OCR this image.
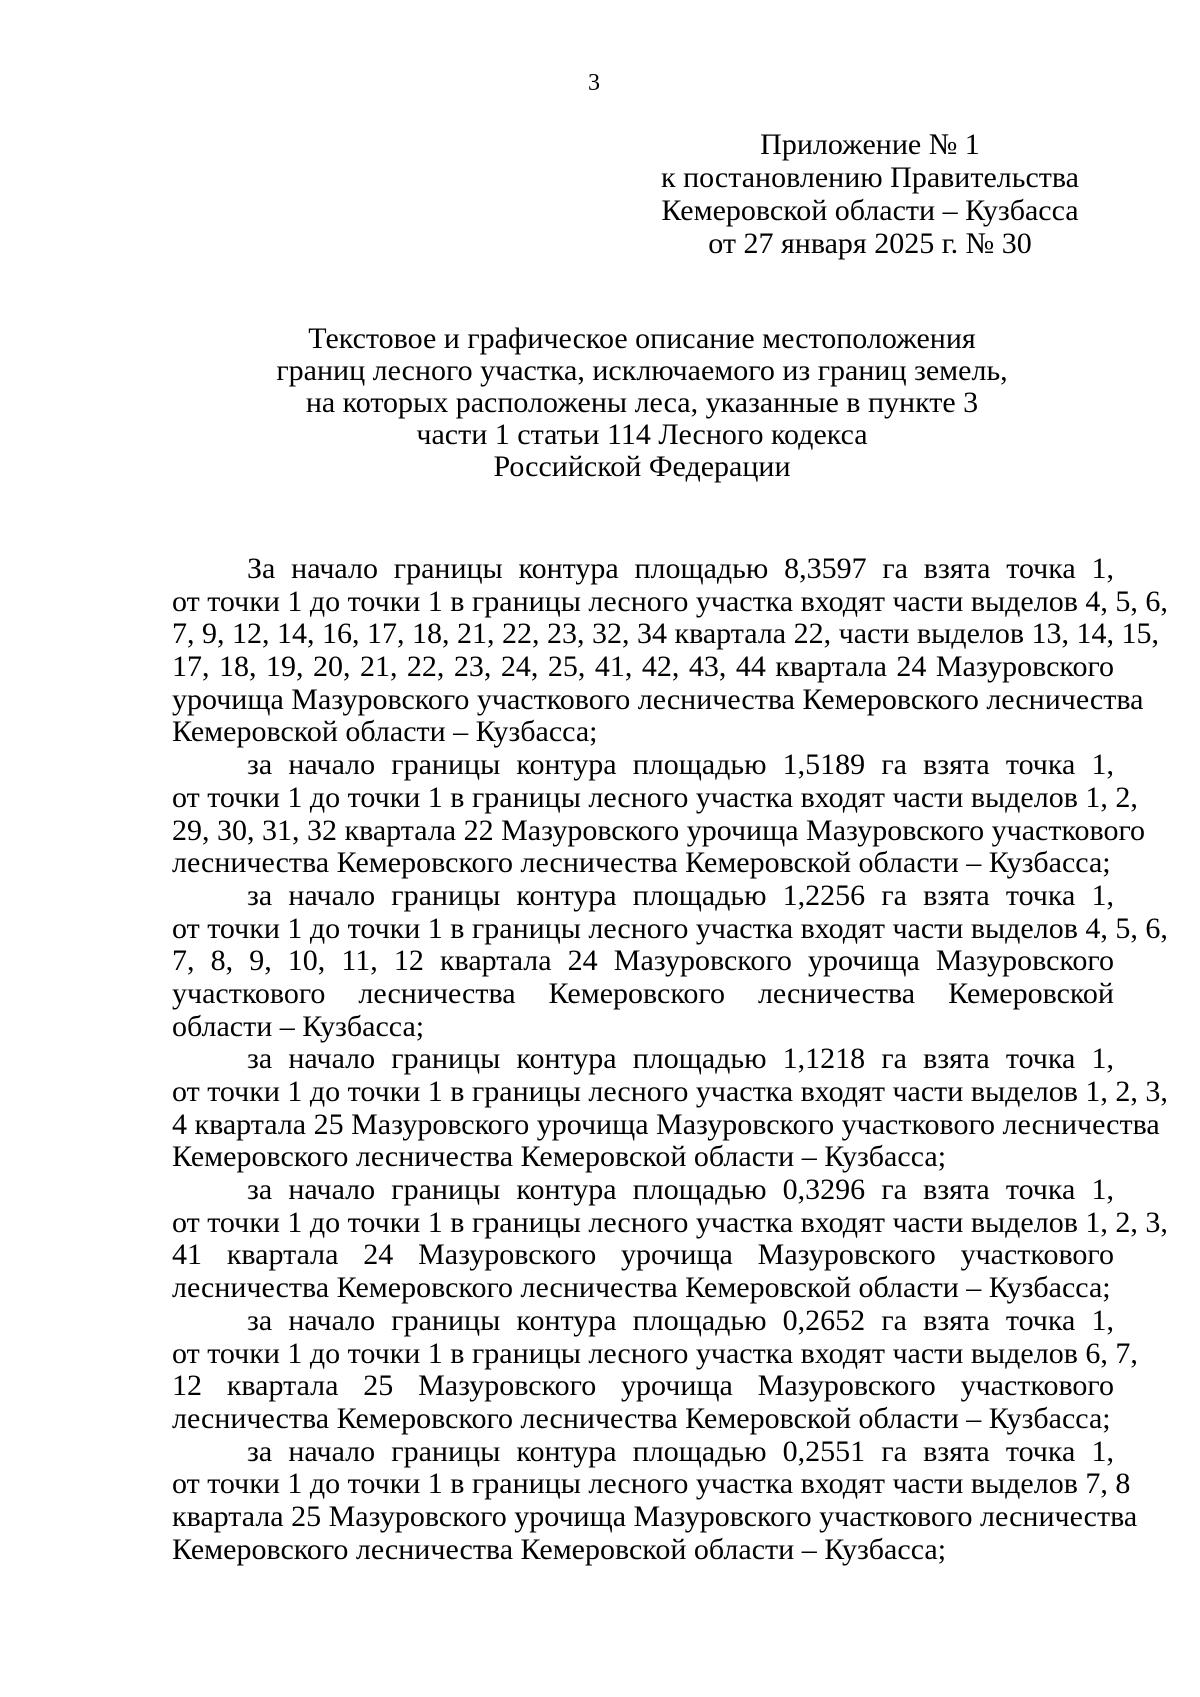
3
Приложение № 1
к постановлению Правительства
Кемеровской области – Кузбасса
от 27 января 2025 г. № 30
Текстовое и графическое описание местоположения
границ лесного участка, исключаемого из границ земель,
на которых расположены леса, указанные в пункте 3
части 1 статьи 114 Лесного кодекса
Российской Федерации
За начало границы контура площадью 8,3597 га взята точка 1,
от точки 1 до точки 1 в границы лесного участка входят части выделов 4, 5, 6,
7, 9, 12, 14, 16, 17, 18, 21, 22, 23, 32, 34 квартала 22, части выделов 13, 14, 15,
17, 18, 19, 20, 21, 22, 23, 24, 25, 41, 42, 43, 44 квартала 24 Мазуровского
урочища Мазуровского участкового лесничества Кемеровского лесничества
Кемеровской области – Кузбасса;
за начало границы контура площадью 1,5189 га взята точка 1,
от точки 1 до точки 1 в границы лесного участка входят части выделов 1, 2,
29, 30, 31, 32 квартала 22 Мазуровского урочища Мазуровского участкового
лесничества Кемеровского лесничества Кемеровской области – Кузбасса;
за начало границы контура площадью 1,2256 га взята точка 1,
от точки 1 до точки 1 в границы лесного участка входят части выделов 4, 5, 6,
7, 8, 9, 10, 11, 12 квартала 24 Мазуровского урочища Мазуровского
участкового лесничества Кемеровского лесничества Кемеровской
области – Кузбасса;
за начало границы контура площадью 1,1218 га взята точка 1,
от точки 1 до точки 1 в границы лесного участка входят части выделов 1, 2, 3,
4 квартала 25 Мазуровского урочища Мазуровского участкового лесничества
Кемеровского лесничества Кемеровской области – Кузбасса;
за начало границы контура площадью 0,3296 га взята точка 1,
от точки 1 до точки 1 в границы лесного участка входят части выделов 1, 2, 3,
41 квартала 24 Мазуровского урочища Мазуровского участкового
лесничества Кемеровского лесничества Кемеровской области – Кузбасса;
за начало границы контура площадью 0,2652 га взята точка 1,
от точки 1 до точки 1 в границы лесного участка входят части выделов 6, 7,
12 квартала 25 Мазуровского урочища Мазуровского участкового
лесничества Кемеровского лесничества Кемеровской области – Кузбасса;
за начало границы контура площадью 0,2551 га взята точка 1,
от точки 1 до точки 1 в границы лесного участка входят части выделов 7, 8
квартала 25 Мазуровского урочища Мазуровского участкового лесничества
Кемеровского лесничества Кемеровской области – Кузбасса;
